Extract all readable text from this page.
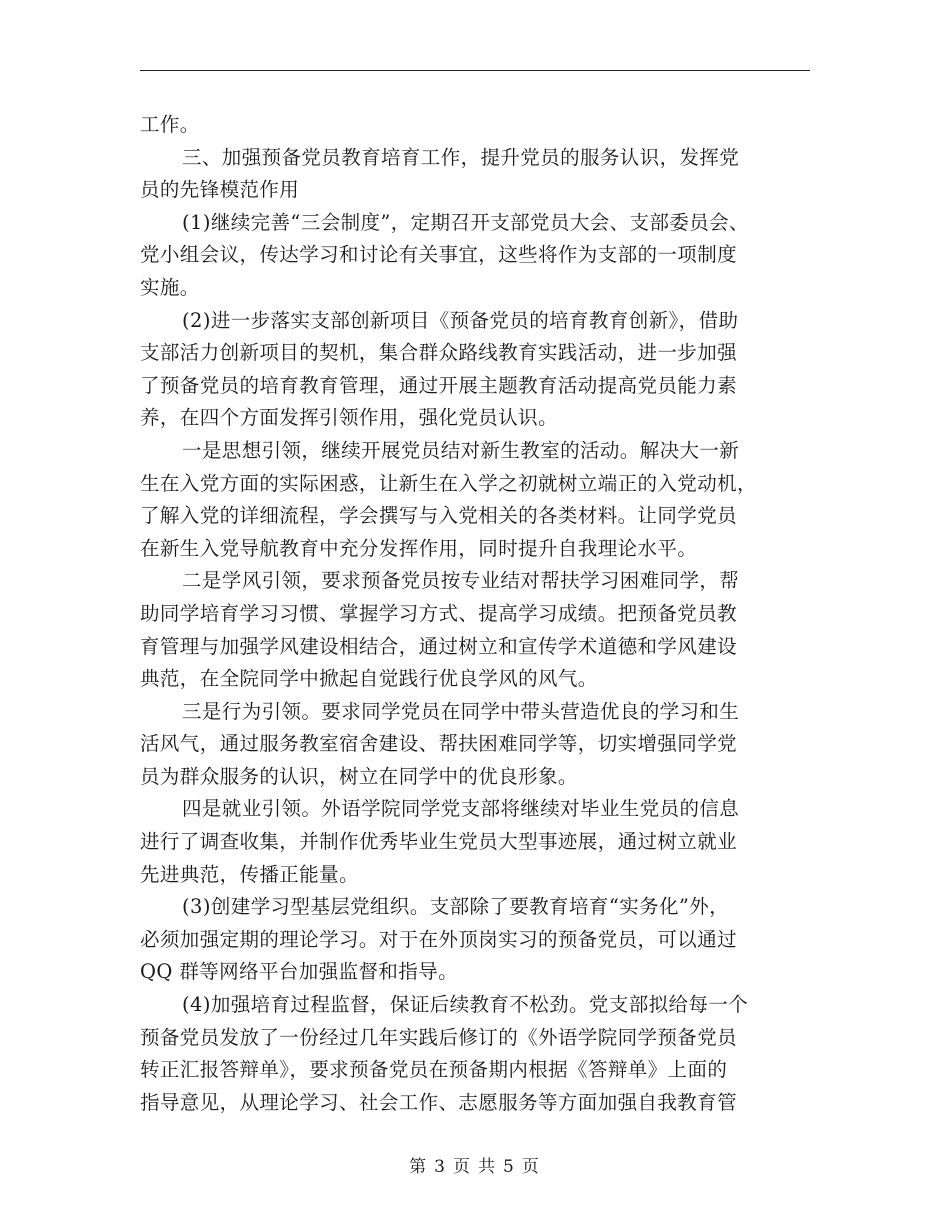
工作。
三、加强预备党员教育培育工作，提升党员的服务认识，发挥党
员的先锋模范作用
(1)继续完善“三会制度”，定期召开支部党员大会、支部委员会、
党小组会议，传达学习和讨论有关事宜，这些将作为支部的一项制度
实施。
(2)进一步落实支部创新项目《预备党员的培育教育创新》，借助
支部活力创新项目的契机，集合群众路线教育实践活动，进一步加强
了预备党员的培育教育管理，通过开展主题教育活动提高党员能力素
养，在四个方面发挥引领作用，强化党员认识。
一是思想引领，继续开展党员结对新生教室的活动。解决大一新
生在入党方面的实际困惑，让新生在入学之初就树立端正的入党动机，
了解入党的详细流程，学会撰写与入党相关的各类材料。让同学党员
在新生入党导航教育中充分发挥作用，同时提升自我理论水平。
二是学风引领，要求预备党员按专业结对帮扶学习困难同学，帮
助同学培育学习习惯、掌握学习方式、提高学习成绩。把预备党员教
育管理与加强学风建设相结合，通过树立和宣传学术道德和学风建设
典范，在全院同学中掀起自觉践行优良学风的风气。
三是行为引领。要求同学党员在同学中带头营造优良的学习和生
活风气，通过服务教室宿舍建设、帮扶困难同学等，切实增强同学党
员为群众服务的认识，树立在同学中的优良形象。
四是就业引领。外语学院同学党支部将继续对毕业生党员的信息
进行了调查收集，并制作优秀毕业生党员大型事迹展，通过树立就业
先进典范，传播正能量。
(3)创建学习型基层党组织。支部除了要教育培育“实务化”外，
必须加强定期的理论学习。对于在外顶岗实习的预备党员，可以通过
QQ 群等网络平台加强监督和指导。
(4)加强培育过程监督，保证后续教育不松劲。党支部拟给每一个
预备党员发放了一份经过几年实践后修订的《外语学院同学预备党员
转正汇报答辩单》，要求预备党员在预备期内根据《答辩单》上面的
指导意见，从理论学习、社会工作、志愿服务等方面加强自我教育管
第 3 页 共 5 页
